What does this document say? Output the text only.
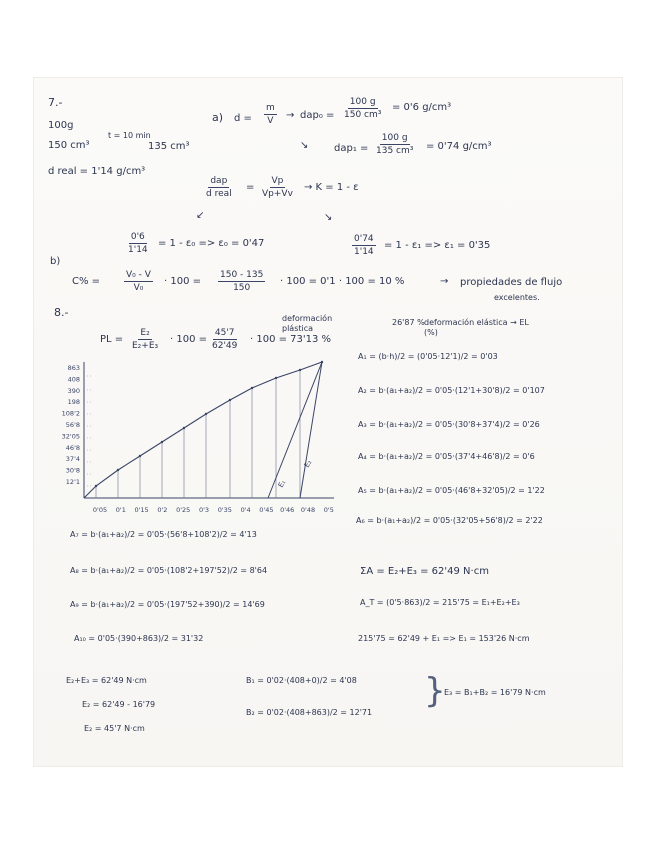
7.-
100g
150 cm³
t = 10 min
135 cm³
d real = 1'14 g/cm³
a) $d = \frac{m}{V} \to dap_0 = \frac{100 g}{\text{150 cm³}} = 0'6$ g/cm³
↘	$dap_1 = \frac{100 g}{\text{135 cm³}} = 0'74$ g/cm³
dap
d real
= $\frac{Vp}{Vp+Vv} \to K = 1 - \varepsilon$
↙	↘
b)
$\frac{0'6}{1'14} = 1 - \varepsilon_0 => \varepsilon_0 = 0'47$	$\frac{0'74}{1'14} = 1 - \varepsilon_1 => \varepsilon_1 = 0'35$
C% =	$\frac{\text{V₀ - V}}{\text{V₀}} \cdot 100 = \frac{150 - 135}{150} \cdot 100 = 0'1 \cdot 100 = 10$ %	→ propiedades de flujo
excelentes.
8.-
PL = $\frac{\text{E₂}}{\text{E₂+E₃}} \cdot 100 = \frac{45'7}{62'49} \cdot 100 = 73'13$ %
deformación plástica
26'87 % deformación elástica → EL (%)
863
408
390
198
108'2
56'8
32'05
46'8
37'4
30'8
12'1
0'05 0'1 0'15 0'2 0'25 0'3 0'35 0'4 0'45 0'46 0'48 0'5
E₁
E₂
A₁ = (b·h)/2 = (0'05·12'1)/2 = 0'03
A₂ = b·(a₁+a₂)/2 = 0'05·(12'1+30'8)/2 = 0'107
A₃ = b·(a₁+a₂)/2 = 0'05·(30'8+37'4)/2 = 0'26
A₄ = b·(a₁+a₂)/2 = 0'05·(37'4+46'8)/2 = 0'6
A₅ = b·(a₁+a₂)/2 = 0'05·(46'8+32'05)/2 = 1'22
A₆ = b·(a₁+a₂)/2 = 0'05·(32'05+56'8)/2 = 2'22
A₇ = b·(a₁+a₂)/2 = 0'05·(56'8+108'2)/2 = 4'13
A₈ = b·(a₁+a₂)/2 = 0'05·(108'2+197'52)/2 = 8'64
A₉ = b·(a₁+a₂)/2 = 0'05·(197'52+390)/2 = 14'69
A₁₀ = 0'05·(390+863)/2 = 31'32
ΣA = E₂+E₃ = 62'49 N·cm
A_T = (0'5·863)/2 = 215'75 = E₁+E₂+E₃
215'75 = 62'49 + E₁ => E₁ = 153'26 N·cm
E₂+E₃ = 62'49 N·cm
E₂ = 62'49 - 16'79
E₂ = 45'7 N·cm
B₁ = 0'02·(408+0)/2 = 4'08
B₂ = 0'02·(408+863)/2 = 12'71
}
E₃ = B₁+B₂ = 16'79 N·cm
